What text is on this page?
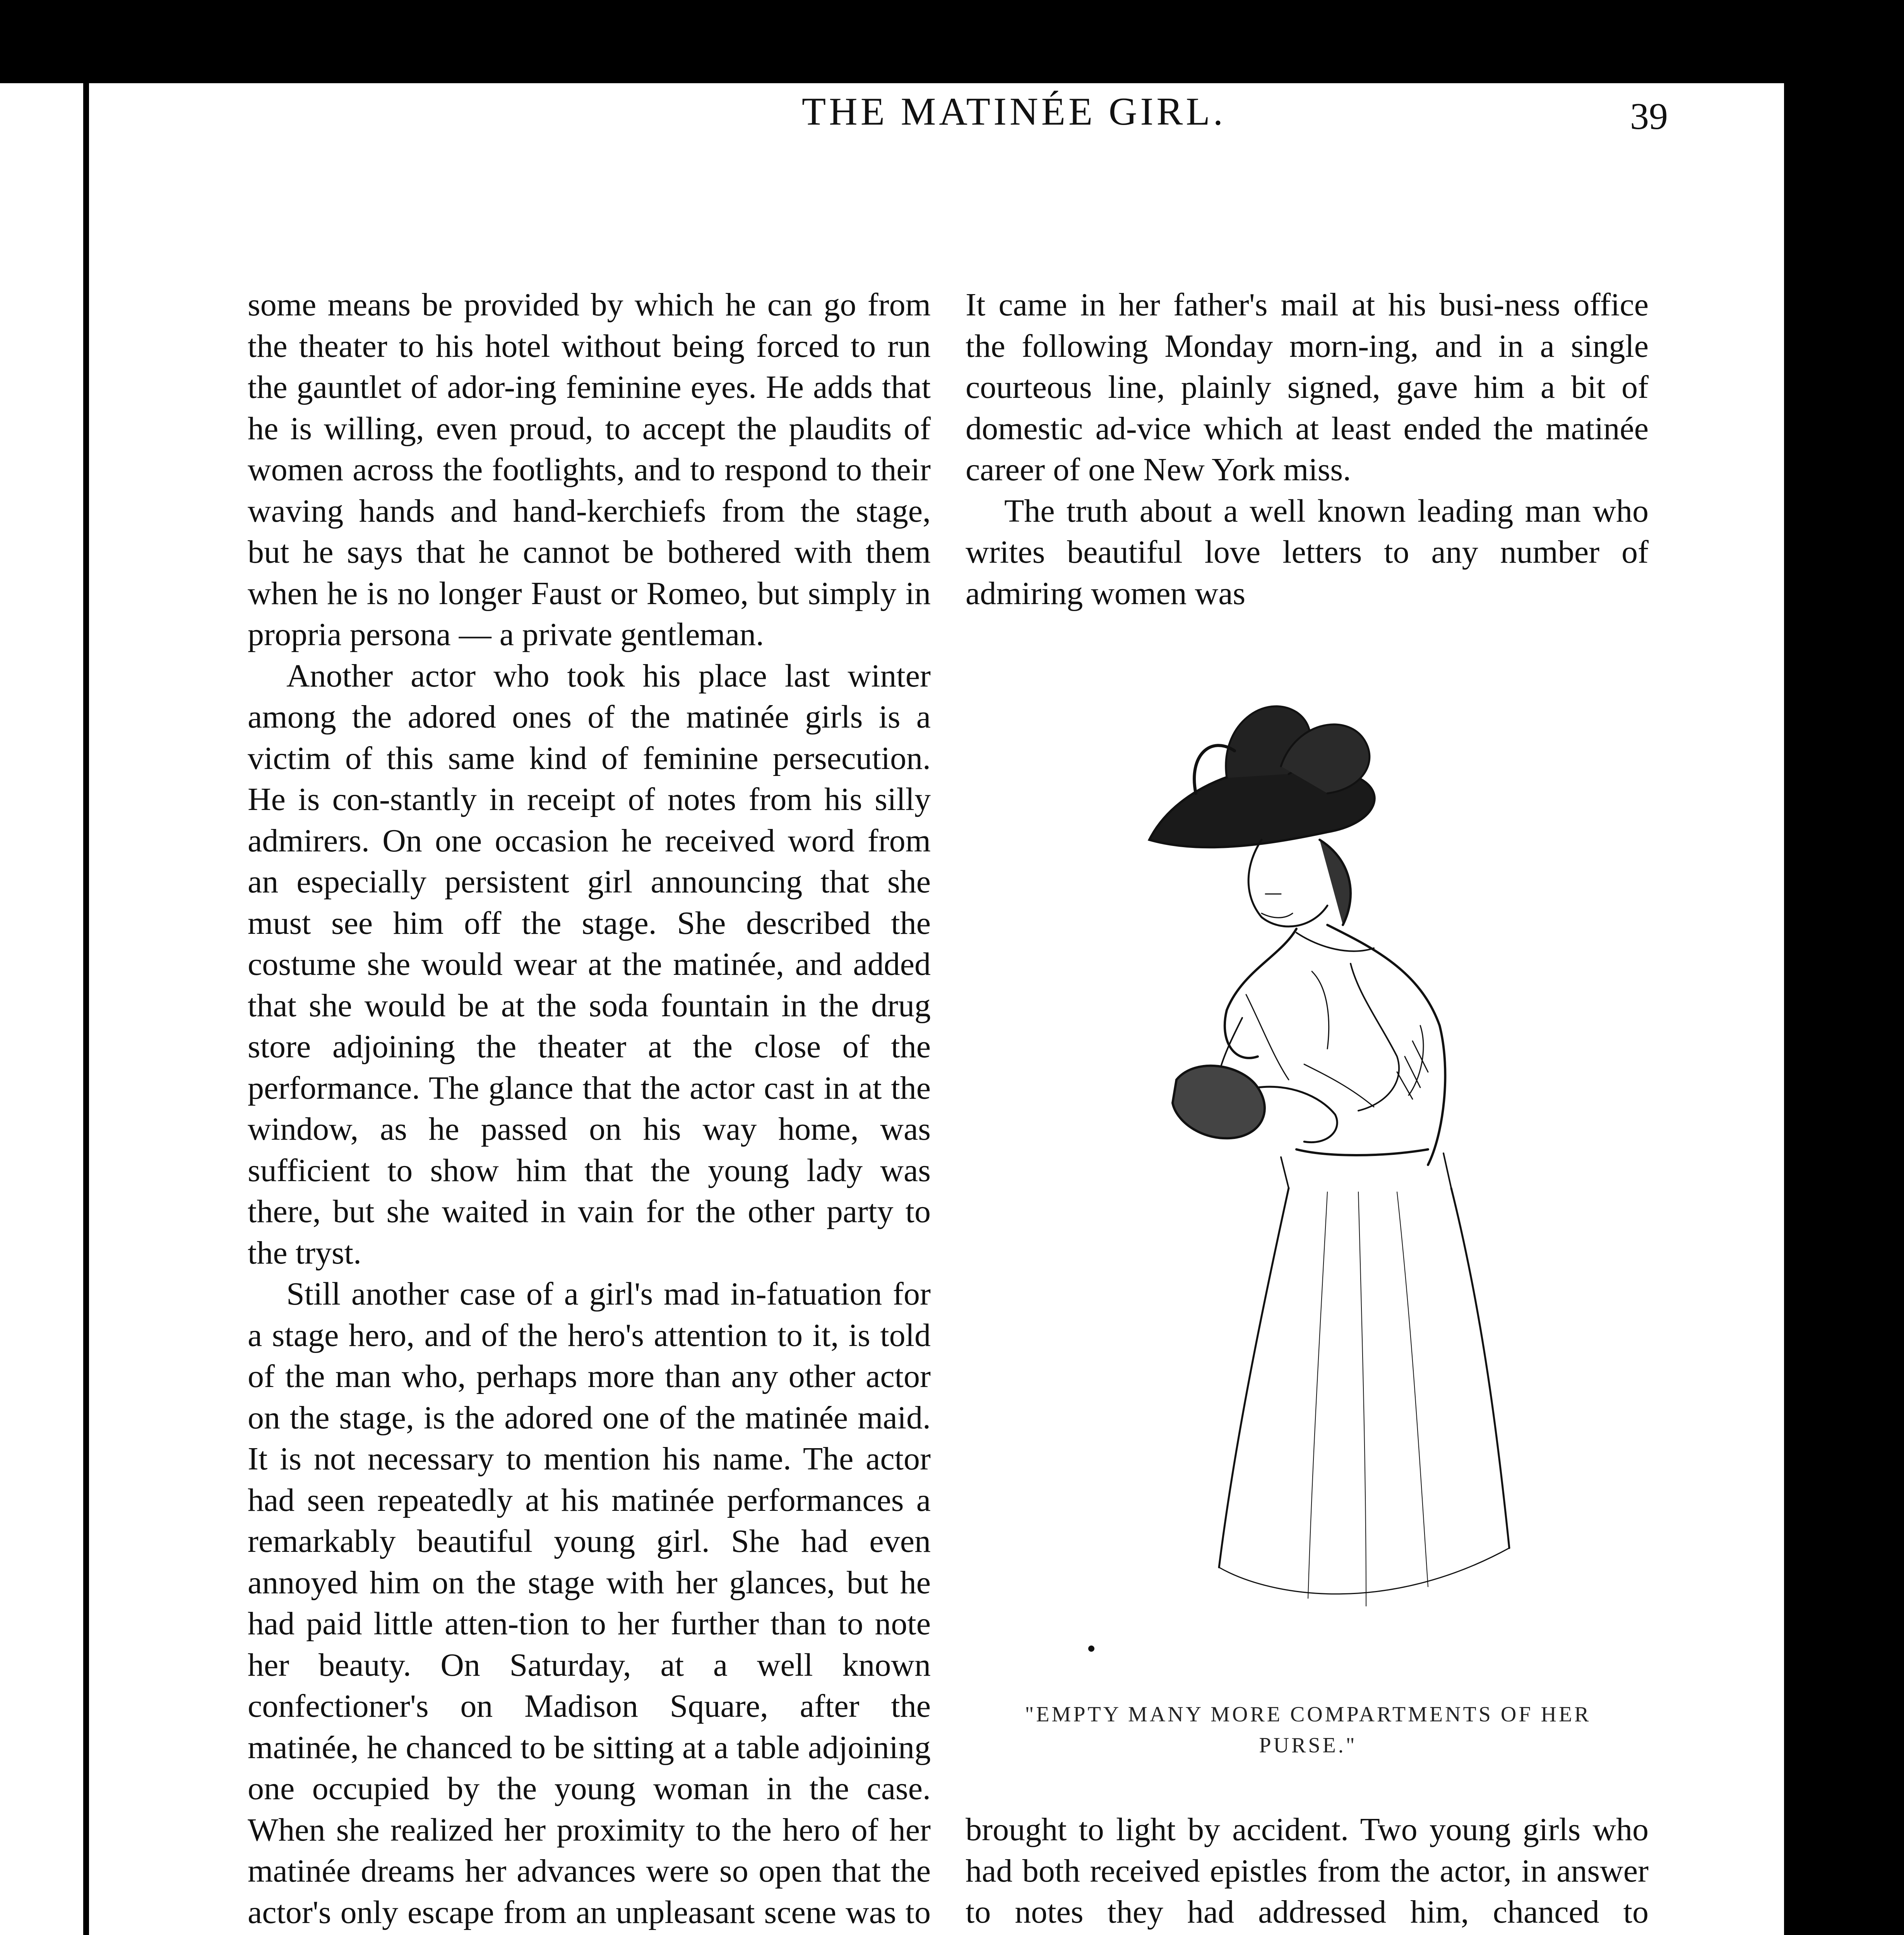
THE MATINÉE GIRL.	39

some means be provided by which he can go from the theater to his hotel without being forced to run the gauntlet of ador-ing feminine eyes. He adds that he is willing, even proud, to accept the plaudits of women across the footlights, and to respond to their waving hands and hand-kerchiefs from the stage, but he says that he cannot be bothered with them when he is no longer Faust or Romeo, but simply in propria persona — a private gentleman.

Another actor who took his place last winter among the adored ones of the matinée girls is a victim of this same kind of feminine persecution. He is con-stantly in receipt of notes from his silly admirers. On one occasion he received word from an especially persistent girl announcing that she must see him off the stage. She described the costume she would wear at the matinée, and added that she would be at the soda fountain in the drug store adjoining the theater at the close of the performance. The glance that the actor cast in at the window, as he passed on his way home, was sufficient to show him that the young lady was there, but she waited in vain for the other party to the tryst.

Still another case of a girl's mad in-fatuation for a stage hero, and of the hero's attention to it, is told of the man who, perhaps more than any other actor on the stage, is the adored one of the matinée maid. It is not necessary to mention his name. The actor had seen repeatedly at his matinée performances a remarkably beautiful young girl. She had even annoyed him on the stage with her glances, but he had paid little atten-tion to her further than to note her beauty. On Saturday, at a well known confectioner's on Madison Square, after the matinée, he chanced to be sitting at a table adjoining one occupied by the young woman in the case. When she realized her proximity to the hero of her matinée dreams her advances were so open that the actor's only escape from an unpleasant scene was to

It came in her father's mail at his busi-ness office the following Monday morn-ing, and in a single courteous line, plainly signed, gave him a bit of domestic ad-vice which at least ended the matinée career of one New York miss.

The truth about a well known leading man who writes beautiful love letters to any number of admiring women was

"EMPTY MANY MORE COMPARTMENTS OF HER PURSE."

brought to light by accident. Two young girls who had both received epistles from the actor, in answer to notes they had addressed him, chanced to
